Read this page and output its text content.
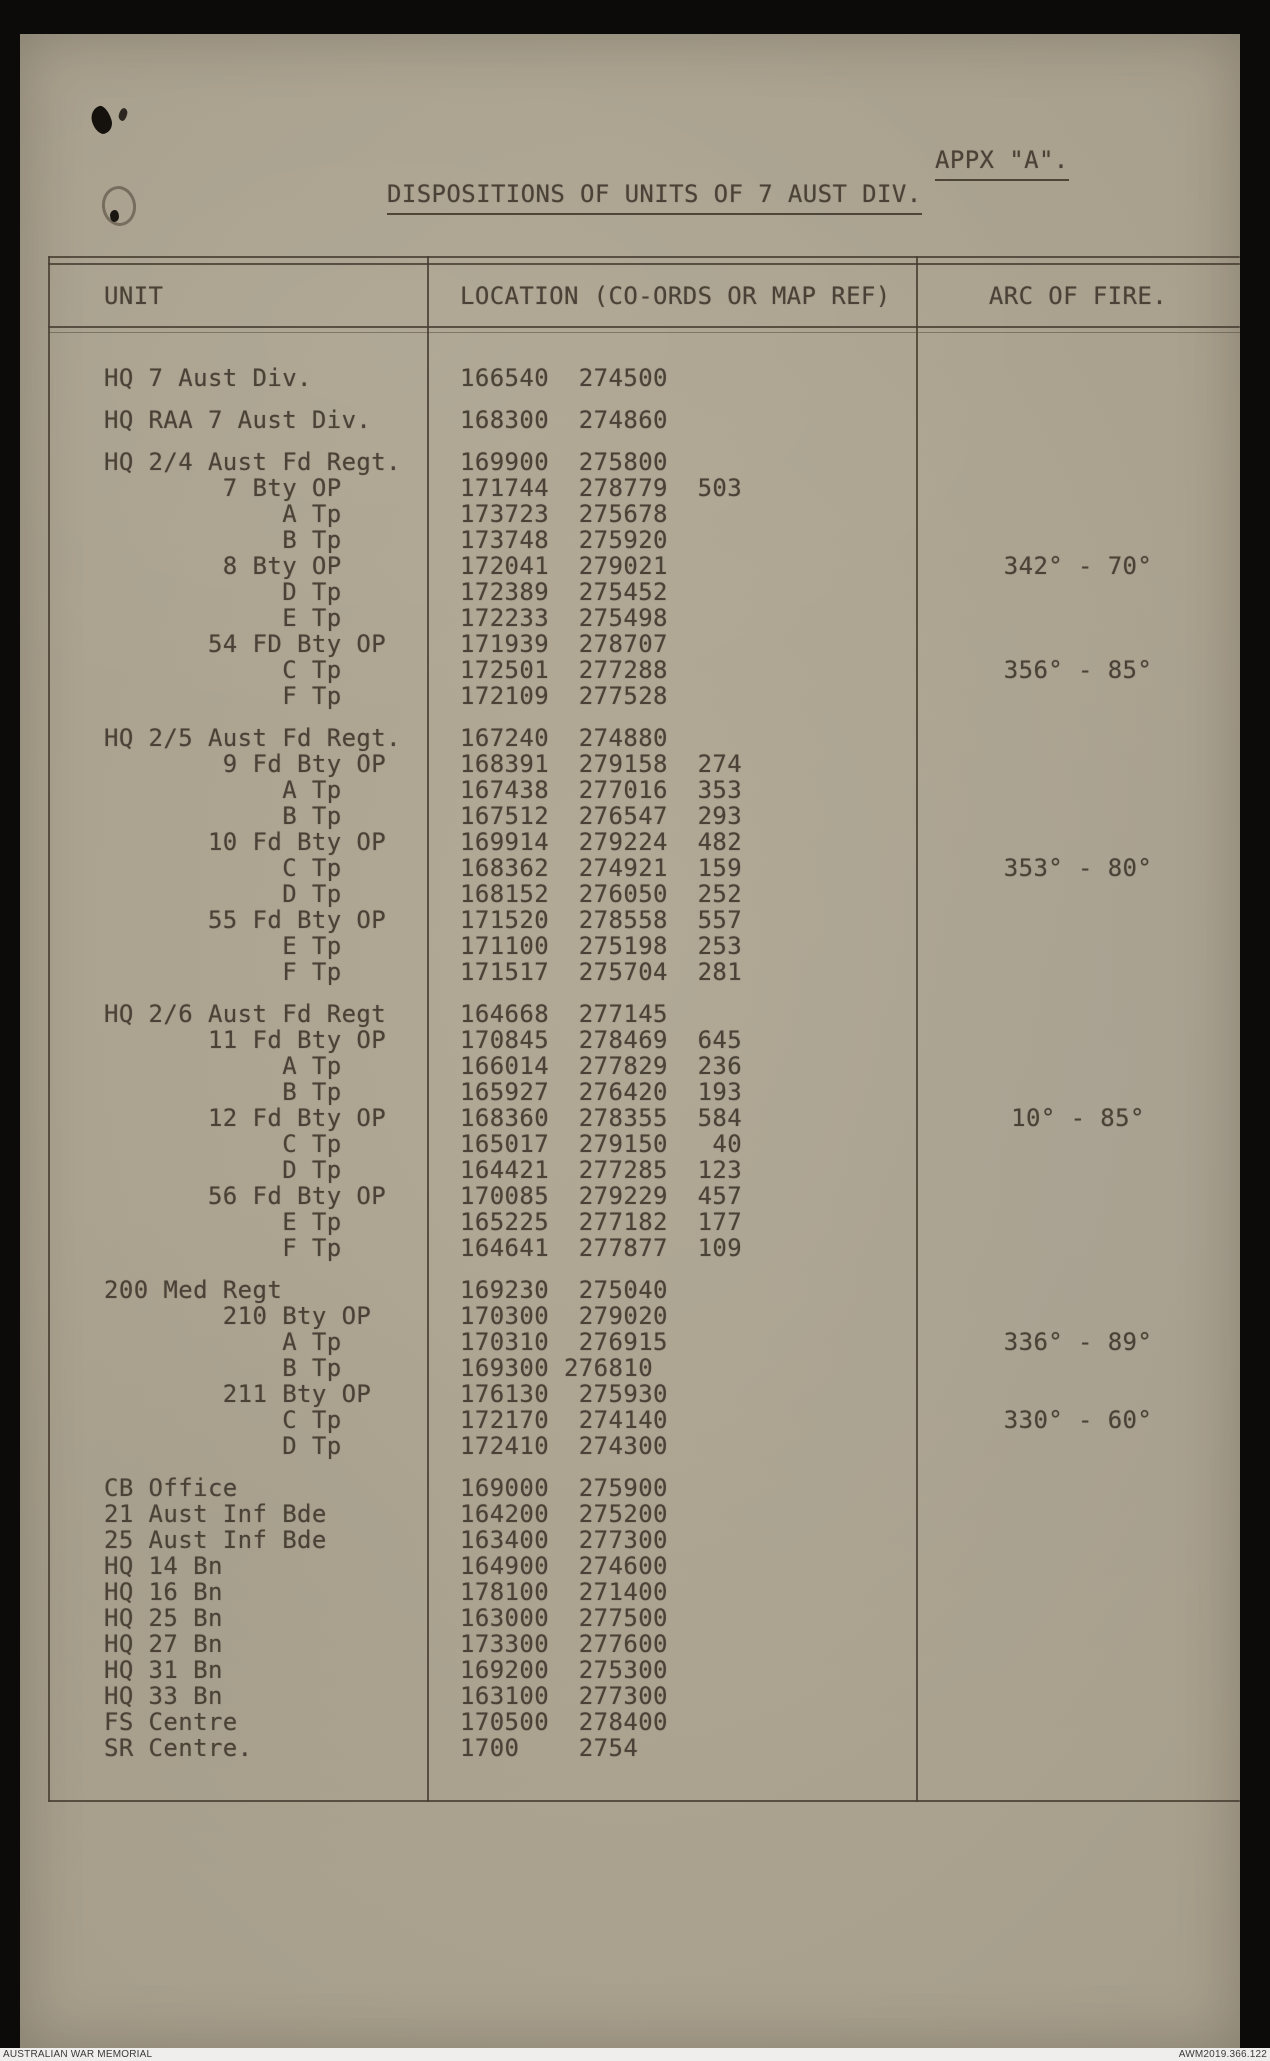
APPX "A".
DISPOSITIONS OF UNITS OF 7 AUST DIV.
UNIT	LOCATION (CO-ORDS OR MAP REF)	ARC OF FIRE.
HQ 7 Aust Div.	166540  274500
HQ RAA 7 Aust Div.	168300  274860
HQ 2/4 Aust Fd Regt. 169900  275800
7 Bty OP	171744  278779  503
A Tp	173723  275678
B Tp	173748  275920
8 Bty OP	172041  279021	342° - 70°
D Tp	172389  275452
E Tp	172233  275498
54 FD Bty OP	171939  278707
C Tp	172501  277288	356° - 85°
F Tp	172109  277528
HQ 2/5 Aust Fd Regt. 167240  274880
9 Fd Bty OP	168391  279158  274
A Tp	167438  277016  353
B Tp	167512  276547  293
10 Fd Bty OP	169914  279224  482
C Tp	168362  274921  159	353° - 80°
D Tp	168152  276050  252
55 Fd Bty OP	171520  278558  557
E Tp	171100  275198  253
F Tp	171517  275704  281
HQ 2/6 Aust Fd Regt	164668  277145
11 Fd Bty OP	170845  278469  645
A Tp	166014  277829  236
B Tp	165927  276420  193
12 Fd Bty OP	168360  278355  584	10° - 85°
C Tp	165017  279150   40
D Tp	164421  277285  123
56 Fd Bty OP	170085  279229  457
E Tp	165225  277182  177
F Tp	164641  277877  109
200 Med Regt	169230  275040
210 Bty OP	170300  279020
A Tp	170310  276915	336° - 89°
B Tp	169300 276810
211 Bty OP	176130  275930
C Tp	172170  274140	330° - 60°
D Tp	172410  274300
CB Office	169000  275900
21 Aust Inf Bde	164200  275200
25 Aust Inf Bde	163400  277300
HQ 14 Bn	164900  274600
HQ 16 Bn	178100  271400
HQ 25 Bn	163000  277500
HQ 27 Bn	173300  277600
HQ 31 Bn	169200  275300
HQ 33 Bn	163100  277300
FS Centre	170500  278400
SR Centre.	1700    2754
AUSTRALIAN WAR MEMORIAL	AWM2019.366.122
